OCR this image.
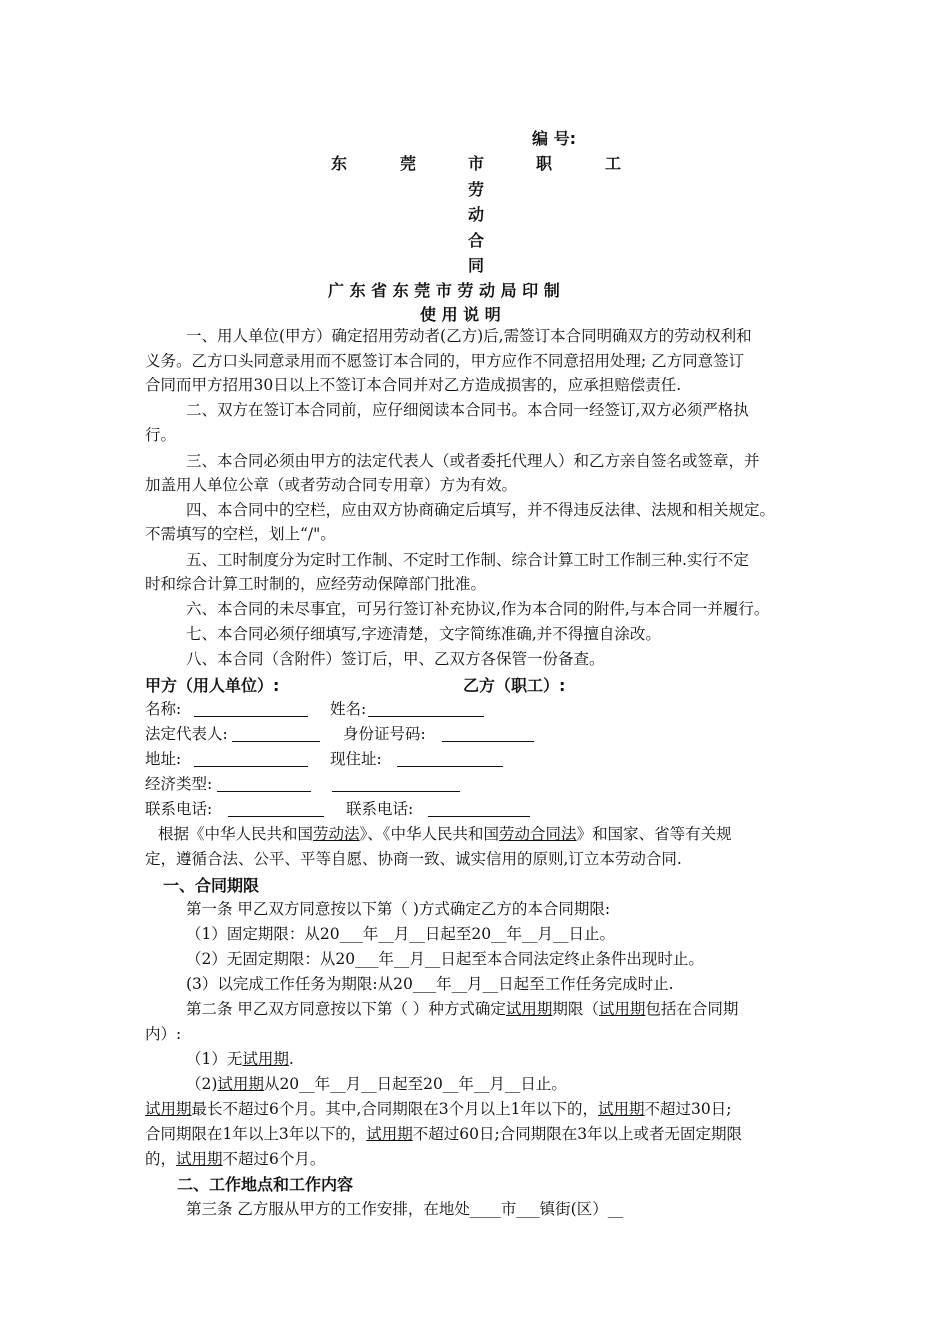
编 号:
东	莞	市	职	工
劳
动
合
同
广 东 省 东 莞 市 劳 动 局 印 制
使 用 说 明
一、用人单位(甲方）确定招用劳动者(乙方)后,需签订本合同明确双方的劳动权利和
义务。乙方口头同意录用而不愿签订本合同的，甲方应作不同意招用处理; 乙方同意签订
合同而甲方招用30日以上不签订本合同并对乙方造成损害的，应承担赔偿责任.
二、双方在签订本合同前，应仔细阅读本合同书。本合同一经签订,双方必须严格执
行。
三、本合同必须由甲方的法定代表人（或者委托代理人）和乙方亲自签名或签章，并
加盖用人单位公章（或者劳动合同专用章）方为有效。
四、本合同中的空栏，应由双方协商确定后填写，并不得违反法律、法规和相关规定。
不需填写的空栏，划上“/"。
五、工时制度分为定时工作制、不定时工作制、综合计算工时工作制三种.实行不定
时和综合计算工时制的，应经劳动保障部门批准。
六、本合同的未尽事宜，可另行签订补充协议,作为本合同的附件,与本合同一并履行。
七、本合同必须仔细填写,字迹清楚，文字简练准确,并不得擅自涂改。
八、本合同（含附件）签订后，甲、乙双方各保管一份备查。
甲方（用人单位）:	乙方（职工）:
名称:	姓名:
法定代表人:	身份证号码:
地址:	现住址:
经济类型:
联系电话:	联系电话:
根据《中华人民共和国劳动法》、《中华人民共和国劳动合同法》和国家、省等有关规
定，遵循合法、公平、平等自愿、协商一致、诚实信用的原则,订立本劳动合同.
一、合同期限
第一条 甲乙双方同意按以下第（ )方式确定乙方的本合同期限:
（1）固定期限：从20___年__月__日起至20__年__月__日止。
（2）无固定期限：从20___年__月__日起至本合同法定终止条件出现时止。
(3）以完成工作任务为期限:从20___年__月__日起至工作任务完成时止.
第二条 甲乙双方同意按以下第（ ）种方式确定试用期期限（试用期包括在合同期
内）:
（1）无试用期.
（2)试用期从20__年__月__日起至20__年__月__日止。
试用期最长不超过6个月。其中,合同期限在3个月以上1年以下的，试用期不超过30日;
合同期限在1年以上3年以下的，试用期不超过60日;合同期限在3年以上或者无固定期限
的，试用期不超过6个月。
二、工作地点和工作内容
第三条 乙方服从甲方的工作安排，在地处____市___镇街(区）__
